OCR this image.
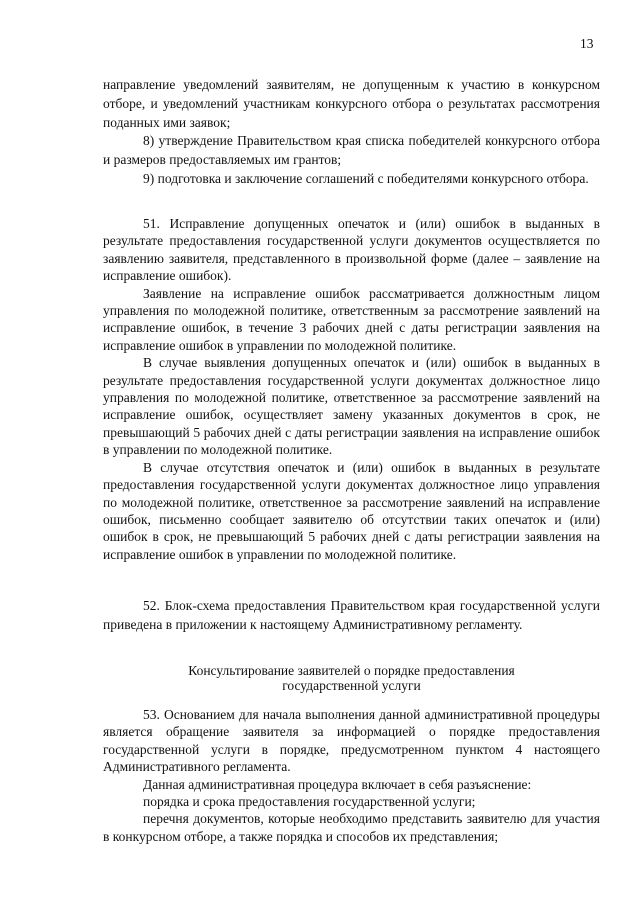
13

направление уведомлений заявителям, не допущенным к участию в конкурсном отборе, и уведомлений участникам конкурсного отбора о результатах рассмотрения поданных ими заявок;

8) утверждение Правительством края списка победителей конкурсного отбора и размеров предоставляемых им грантов;

9) подготовка и заключение соглашений с победителями конкурсного отбора.

51. Исправление допущенных опечаток и (или) ошибок в выданных в результате предоставления государственной услуги документов осуществляется по заявлению заявителя, представленного в произвольной форме (далее – заявление на исправление ошибок).

Заявление на исправление ошибок рассматривается должностным лицом управления по молодежной политике, ответственным за рассмотрение заявлений на исправление ошибок, в течение 3 рабочих дней с даты регистрации заявления на исправление ошибок в управлении по молодежной политике.

В случае выявления допущенных опечаток и (или) ошибок в выданных в результате предоставления государственной услуги документах должностное лицо управления по молодежной политике, ответственное за рассмотрение заявлений на исправление ошибок, осуществляет замену указанных документов в срок, не превышающий 5 рабочих дней с даты регистрации заявления на исправление ошибок в управлении по молодежной политике.

В случае отсутствия опечаток и (или) ошибок в выданных в результате предоставления государственной услуги документах должностное лицо управления по молодежной политике, ответственное за рассмотрение заявлений на исправление ошибок, письменно сообщает заявителю об отсутствии таких опечаток и (или) ошибок в срок, не превышающий 5 рабочих дней с даты регистрации заявления на исправление ошибок в управлении по молодежной политике.

52. Блок-схема предоставления Правительством края государственной услуги приведена в приложении к настоящему Административному регламенту.

Консультирование заявителей о порядке предоставления
государственной услуги

53. Основанием для начала выполнения данной административной процедуры является обращение заявителя за информацией о порядке предоставления государственной услуги в порядке, предусмотренном пунктом 4 настоящего Административного регламента.

Данная административная процедура включает в себя разъяснение:

порядка и срока предоставления государственной услуги;

перечня документов, которые необходимо представить заявителю для участия в конкурсном отборе, а также порядка и способов их представления;
